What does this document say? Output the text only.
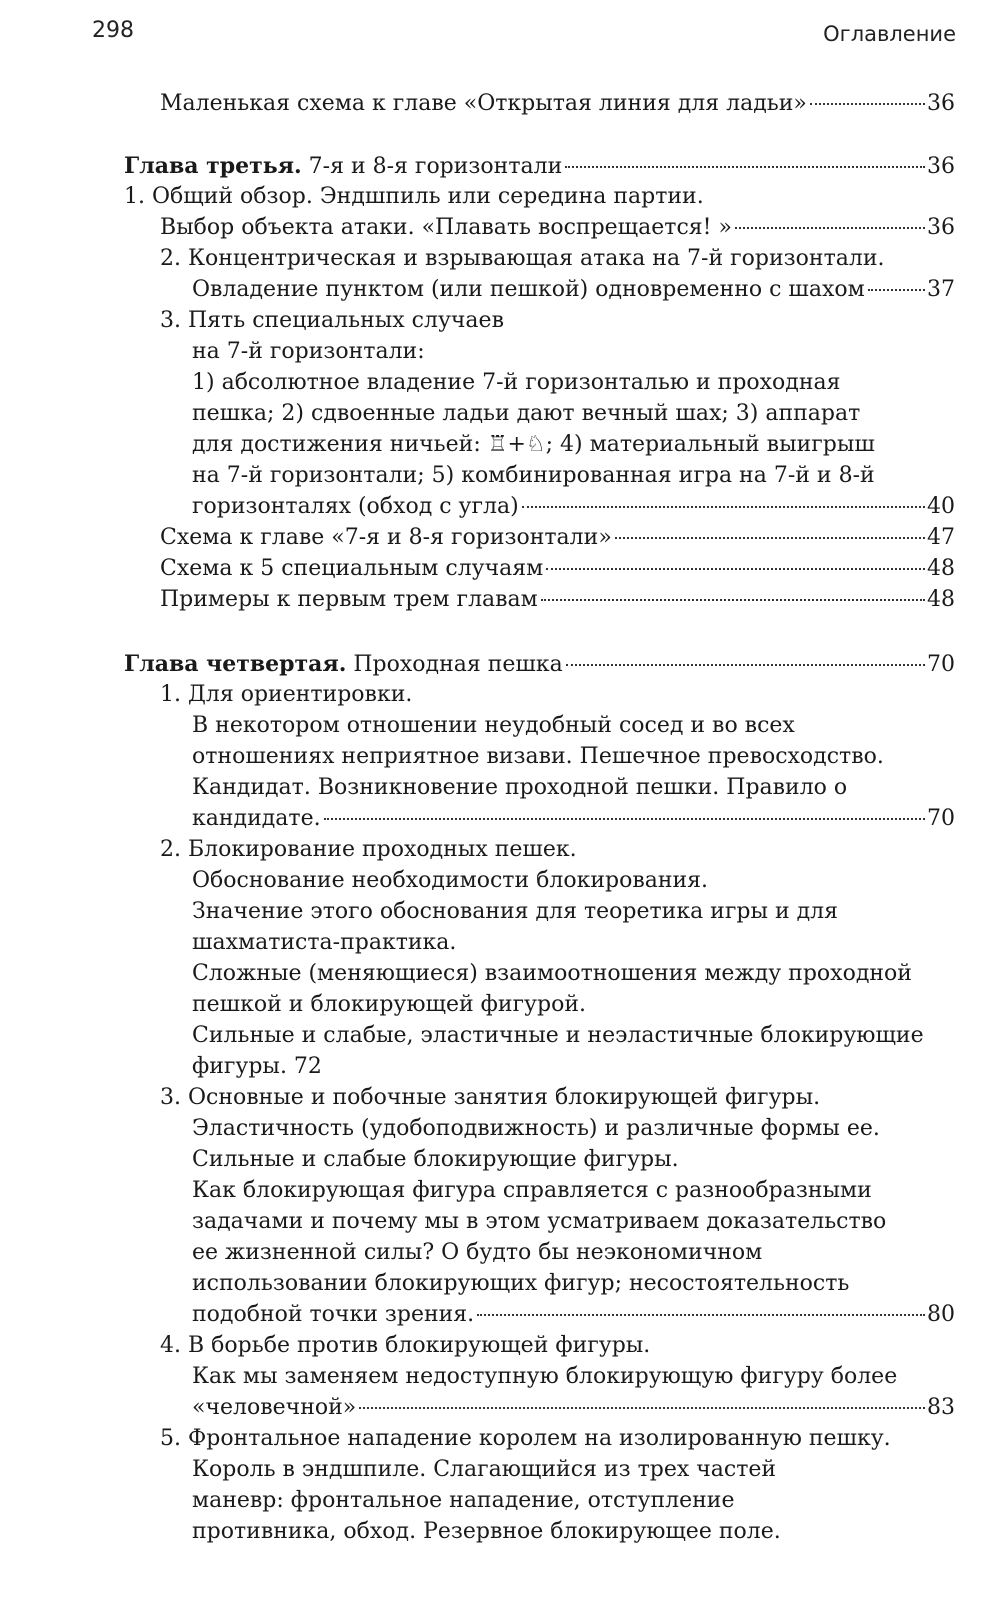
298	Оглавление
Маленькая схема к главе «Открытая линия для ладьи»	36
Глава третья. 7-я и 8-я горизонтали	36
1. Общий обзор. Эндшпиль или середина партии.
Выбор объекта атаки. «Плавать воспрещается! »	36
2. Концентрическая и взрывающая атака на 7-й горизонтали.
Овладение пунктом (или пешкой) одновременно с шахом	37
3. Пять специальных случаев
на 7-й горизонтали:
1) абсолютное владение 7-й горизонталью и проходная
пешка; 2) сдвоенные ладьи дают вечный шах; 3) аппарат
для достижения ничьей: ♖+♘; 4) материальный выигрыш
на 7-й горизонтали; 5) комбинированная игра на 7-й и 8-й
горизонталях (обход с угла)	40
Схема к главе «7-я и 8-я горизонтали»	47
Схема к 5 специальным случаям	48
Примеры к первым трем главам	48
Глава четвертая. Проходная пешка	70
1. Для ориентировки.
В некотором отношении неудобный сосед и во всех
отношениях неприятное визави. Пешечное превосходство.
Кандидат. Возникновение проходной пешки. Правило о
кандидате.	70
2. Блокирование проходных пешек.
Обоснование необходимости блокирования.
Значение этого обоснования для теоретика игры и для
шахматиста-практика.
Сложные (меняющиеся) взаимоотношения между проходной
пешкой и блокирующей фигурой.
Сильные и слабые, эластичные и неэластичные блокирующие
фигуры. 72
3. Основные и побочные занятия блокирующей фигуры.
Эластичность (удобоподвижность) и различные формы ее.
Сильные и слабые блокирующие фигуры.
Как блокирующая фигура справляется с разнообразными
задачами и почему мы в этом усматриваем доказательство
ее жизненной силы? О будто бы неэкономичном
использовании блокирующих фигур; несостоятельность
подобной точки зрения.	80
4. В борьбе против блокирующей фигуры.
Как мы заменяем недоступную блокирующую фигуру более
«человечной»	83
5. Фронтальное нападение королем на изолированную пешку.
Король в эндшпиле. Слагающийся из трех частей
маневр: фронтальное нападение, отступление
противника, обход. Резервное блокирующее поле.
